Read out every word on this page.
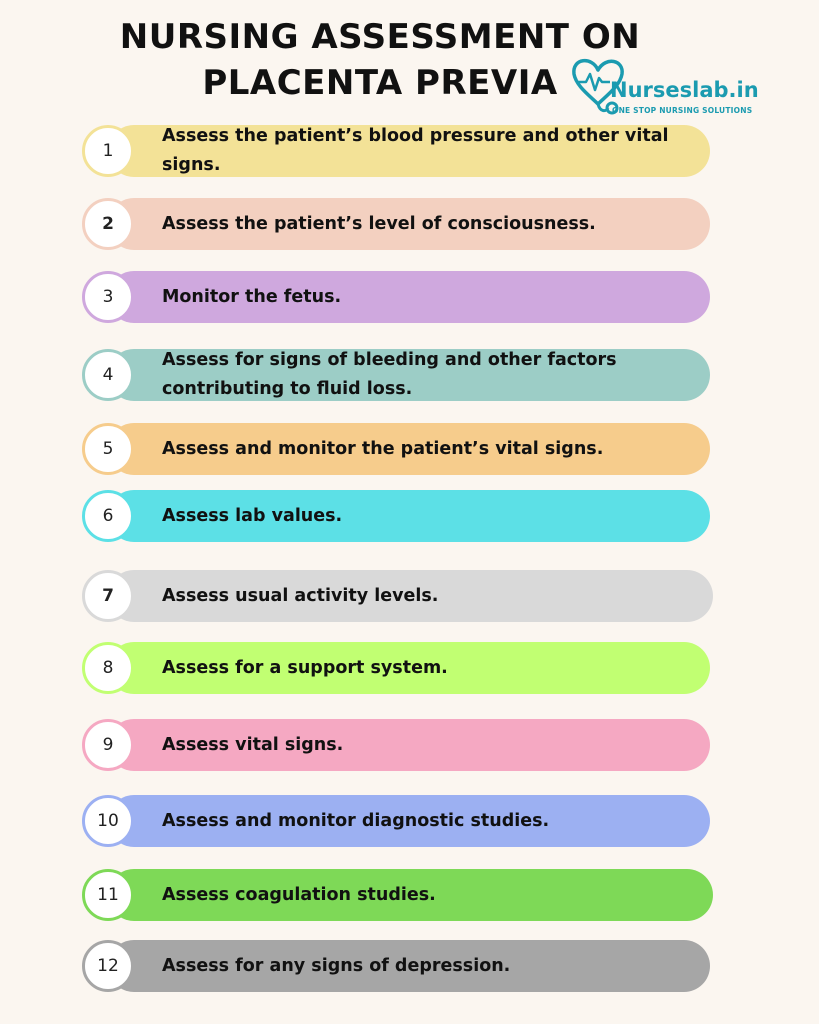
NURSING ASSESSMENT ON
PLACENTA PREVIA	Nurseslab.in
ONE STOP NURSING SOLUTIONS
1
Assess the patient’s blood pressure and other vital signs.
2	Assess the patient’s level of consciousness.
3	Monitor the fetus.
4
Assess for signs of bleeding and other factors contributing to fluid loss.
5	Assess and monitor the patient’s vital signs.
6	Assess lab values.
7	Assess usual activity levels.
8	Assess for a support system.
9	Assess vital signs.
10	Assess and monitor diagnostic studies.
11	Assess coagulation studies.
12	Assess for any signs of depression.
